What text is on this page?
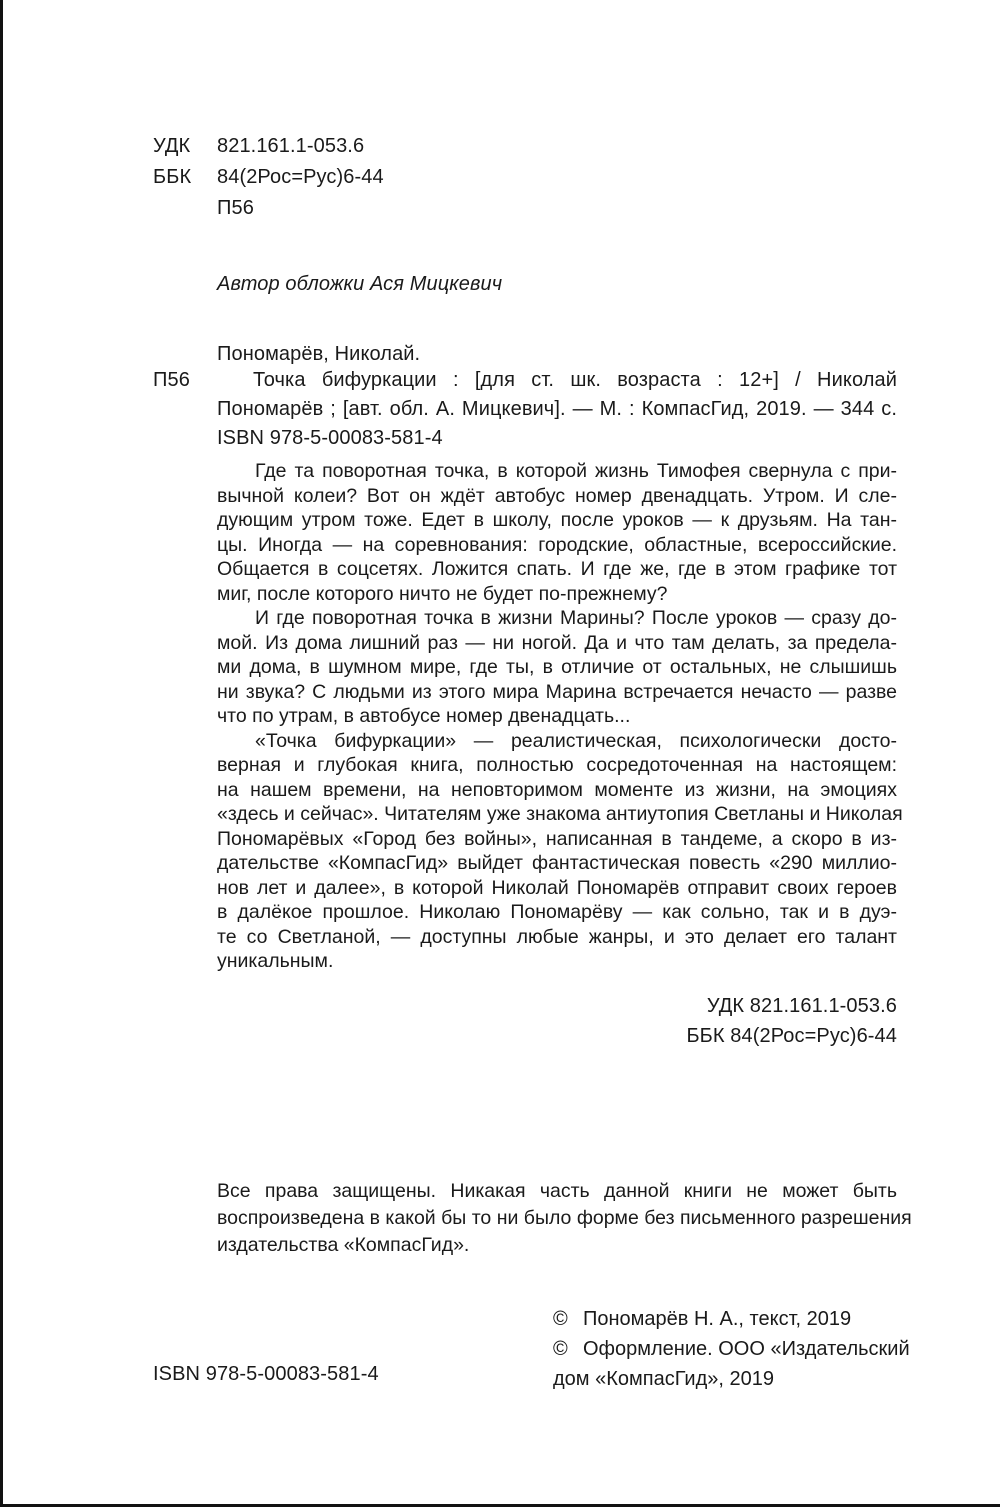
УДК 821.161.1-053.6
ББК 84(2Рос=Рус)6-44
П56
Автор обложки Ася Мицкевич
Пономарёв, Николай.
П56	Точка бифуркации : [для ст. шк. возраста : 12+] / Николай
Пономарёв ; [авт. обл. А. Мицкевич]. — М. : КомпасГид, 2019. — 344 с.
ISBN 978-5-00083-581-4
Где та поворотная точка, в которой жизнь Тимофея свернула с при-
вычной колеи? Вот он ждёт автобус номер двенадцать. Утром. И сле-
дующим утром тоже. Едет в школу, после уроков — к друзьям. На тан-
цы. Иногда — на соревнования: городские, областные, всероссийские.
Общается в соцсетях. Ложится спать. И где же, где в этом графике тот
миг, после которого ничто не будет по-прежнему?
И где поворотная точка в жизни Марины? После уроков — сразу до-
мой. Из дома лишний раз — ни ногой. Да и что там делать, за предела-
ми дома, в шумном мире, где ты, в отличие от остальных, не слышишь
ни звука? С людьми из этого мира Марина встречается нечасто — разве
что по утрам, в автобусе номер двенадцать...
«Точка бифуркации» — реалистическая, психологически досто-
верная и глубокая книга, полностью сосредоточенная на настоящем:
на нашем времени, на неповторимом моменте из жизни, на эмоциях
«здесь и сейчас». Читателям уже знакома антиутопия Светланы и Николая
Пономарёвых «Город без войны», написанная в тандеме, а скоро в из-
дательстве «КомпасГид» выйдет фантастическая повесть «290 миллио-
нов лет и далее», в которой Николай Пономарёв отправит своих героев
в далёкое прошлое. Николаю Пономарёву — как сольно, так и в дуэ-
те со Светланой, — доступны любые жанры, и это делает его талант
уникальным.
УДК 821.161.1-053.6
ББК 84(2Рос=Рус)6-44
Все права защищены. Никакая часть данной книги не может быть
воспроизведена в какой бы то ни было форме без письменного разрешения
издательства «КомпасГид».
© Пономарёв Н. А., текст, 2019
© Оформление. ООО «Издательский
дом «КомпасГид», 2019
ISBN 978-5-00083-581-4
